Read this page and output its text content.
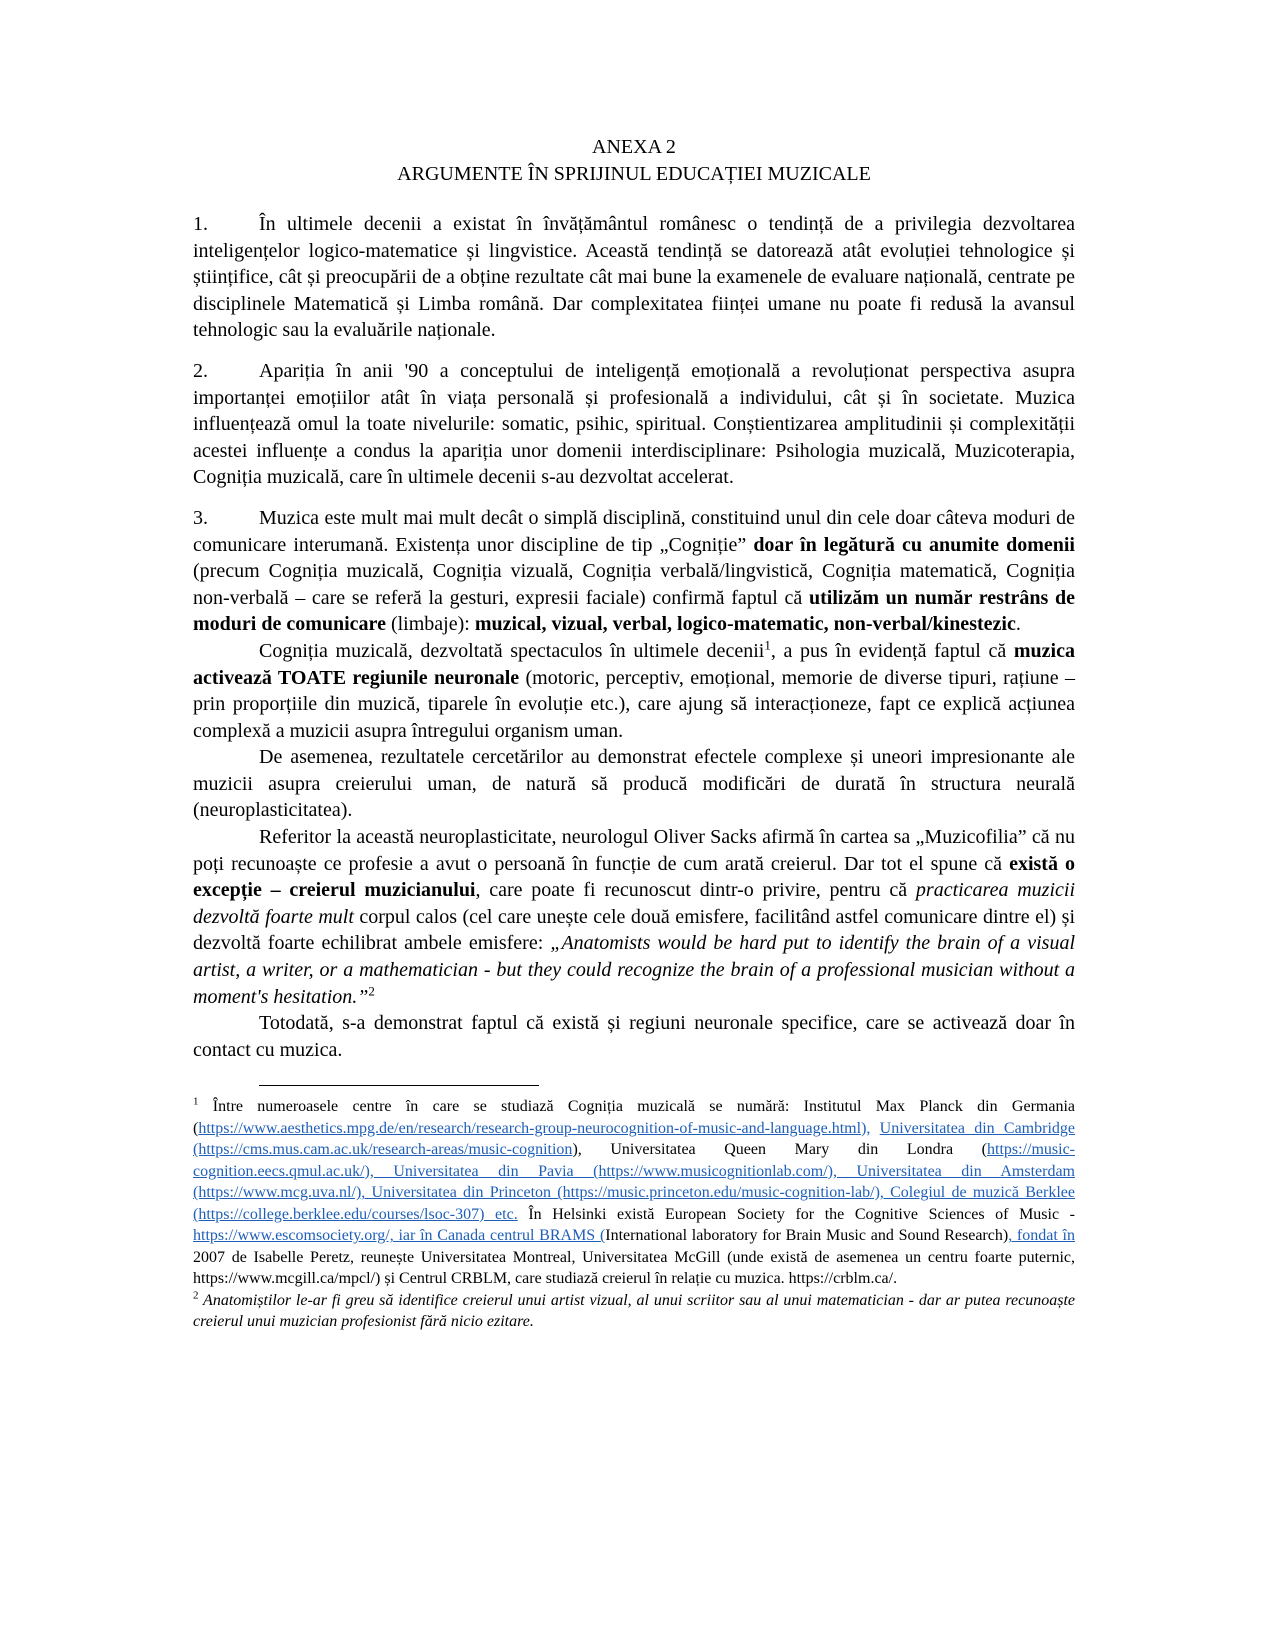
ANEXA 2
ARGUMENTE ÎN SPRIJINUL EDUCAȚIEI MUZICALE

1.	În ultimele decenii a existat în învățământul românesc o tendință de a privilegia dezvoltarea inteligențelor logico-matematice și lingvistice. Această tendință se datorează atât evoluției tehnologice și științifice, cât și preocupării de a obține rezultate cât mai bune la examenele de evaluare națională, centrate pe disciplinele Matematică și Limba română. Dar complexitatea ființei umane nu poate fi redusă la avansul tehnologic sau la evaluările naționale.

2.	Apariția în anii '90 a conceptului de inteligență emoțională a revoluționat perspectiva asupra importanței emoțiilor atât în viața personală și profesională a individului, cât și în societate. Muzica influențează omul la toate nivelurile: somatic, psihic, spiritual. Conștientizarea amplitudinii și complexității acestei influențe a condus la apariția unor domenii interdisciplinare: Psihologia muzicală, Muzicoterapia, Cogniția muzicală, care în ultimele decenii s-au dezvoltat accelerat.

3.	Muzica este mult mai mult decât o simplă disciplină, constituind unul din cele doar câteva moduri de comunicare interumană. Existența unor discipline de tip „Cogniție” doar în legătură cu anumite domenii (precum Cogniția muzicală, Cogniția vizuală, Cogniția verbală/lingvistică, Cogniția matematică, Cogniția non-verbală – care se referă la gesturi, expresii faciale) confirmă faptul că utilizăm un număr restrâns de moduri de comunicare (limbaje): muzical, vizual, verbal, logico-matematic, non-verbal/kinestezic.

Cogniția muzicală, dezvoltată spectaculos în ultimele decenii$^1$, a pus în evidență faptul că muzica activează TOATE regiunile neuronale (motoric, perceptiv, emoțional, memorie de diverse tipuri, rațiune – prin proporțiile din muzică, tiparele în evoluție etc.), care ajung să interacționeze, fapt ce explică acțiunea complexă a muzicii asupra întregului organism uman.

De asemenea, rezultatele cercetărilor au demonstrat efectele complexe și uneori impresionante ale muzicii asupra creierului uman, de natură să producă modificări de durată în structura neurală (neuroplasticitatea).

Referitor la această neuroplasticitate, neurologul Oliver Sacks afirmă în cartea sa „Muzicofilia” că nu poți recunoaște ce profesie a avut o persoană în funcție de cum arată creierul. Dar tot el spune că există o excepție – creierul muzicianului, care poate fi recunoscut dintr-o privire, pentru că practicarea muzicii dezvoltă foarte mult corpul calos (cel care unește cele două emisfere, facilitând astfel comunicare dintre el) și dezvoltă foarte echilibrat ambele emisfere: „Anatomists would be hard put to identify the brain of a visual artist, a writer, or a mathematician - but they could recognize the brain of a professional musician without a moment's hesitation.”$^2$

Totodată, s-a demonstrat faptul că există și regiuni neuronale specifice, care se activează doar în contact cu muzica.

$^1$ Între numeroasele centre în care se studiază Cogniția muzicală se numără: Institutul Max Planck din Germania (https://www.aesthetics.mpg.de/en/research/research-group-neurocognition-of-music-and-language.html), Universitatea din Cambridge (https://cms.mus.cam.ac.uk/research-areas/music-cognition), Universitatea Queen Mary din Londra (https://music-cognition.eecs.qmul.ac.uk/), Universitatea din Pavia (https://www.musicognitionlab.com/), Universitatea din Amsterdam (https://www.mcg.uva.nl/), Universitatea din Princeton (https://music.princeton.edu/music-cognition-lab/), Colegiul de muzică Berklee (https://college.berklee.edu/courses/lsoc-307) etc. În Helsinki există European Society for the Cognitive Sciences of Music - https://www.escomsociety.org/, iar în Canada centrul BRAMS (International laboratory for Brain Music and Sound Research), fondat în 2007 de Isabelle Peretz, reunește Universitatea Montreal, Universitatea McGill (unde există de asemenea un centru foarte puternic, https://www.mcgill.ca/mpcl/) și Centrul CRBLM, care studiază creierul în relație cu muzica. https://crblm.ca/.

$^2$ Anatomiștilor le-ar fi greu să identifice creierul unui artist vizual, al unui scriitor sau al unui matematician - dar ar putea recunoaște creierul unui muzician profesionist fără nicio ezitare.
